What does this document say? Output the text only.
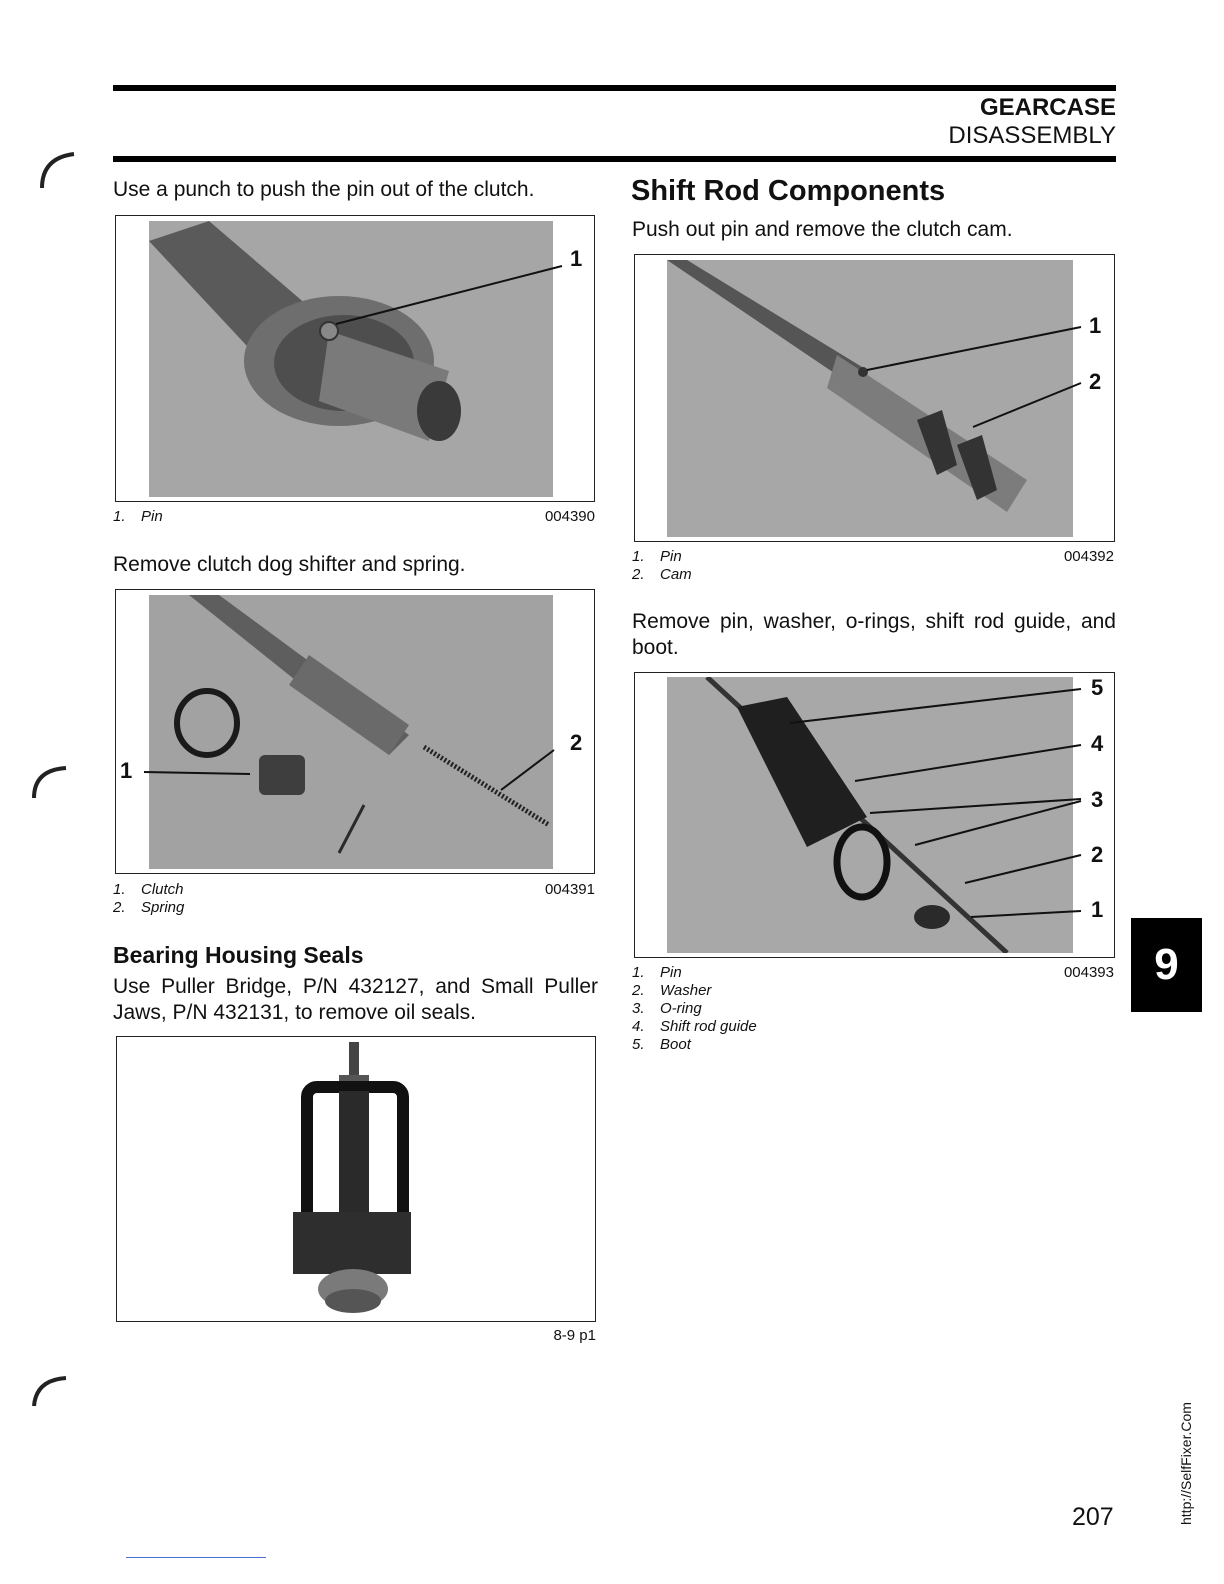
GEARCASE
DISASSEMBLY
Use a punch to push the pin out of the clutch.
1
1. Pin	004390
Remove clutch dog shifter and spring.
1
2
1. Clutch
2. Spring
004391
Bearing Housing Seals
Use Puller Bridge, P/N 432127, and Small Puller Jaws, P/N 432131, to remove oil seals.
8-9 p1
Shift Rod Components
Push out pin and remove the clutch cam.
1
2
1. Pin
2. Cam
004392
Remove pin, washer, o-rings, shift rod guide, and boot.
5
4
3
2
1
1. Pin
2. Washer
3. O-ring
4. Shift rod guide
5. Boot
004393 9
207	http://SelfFixer.Com
